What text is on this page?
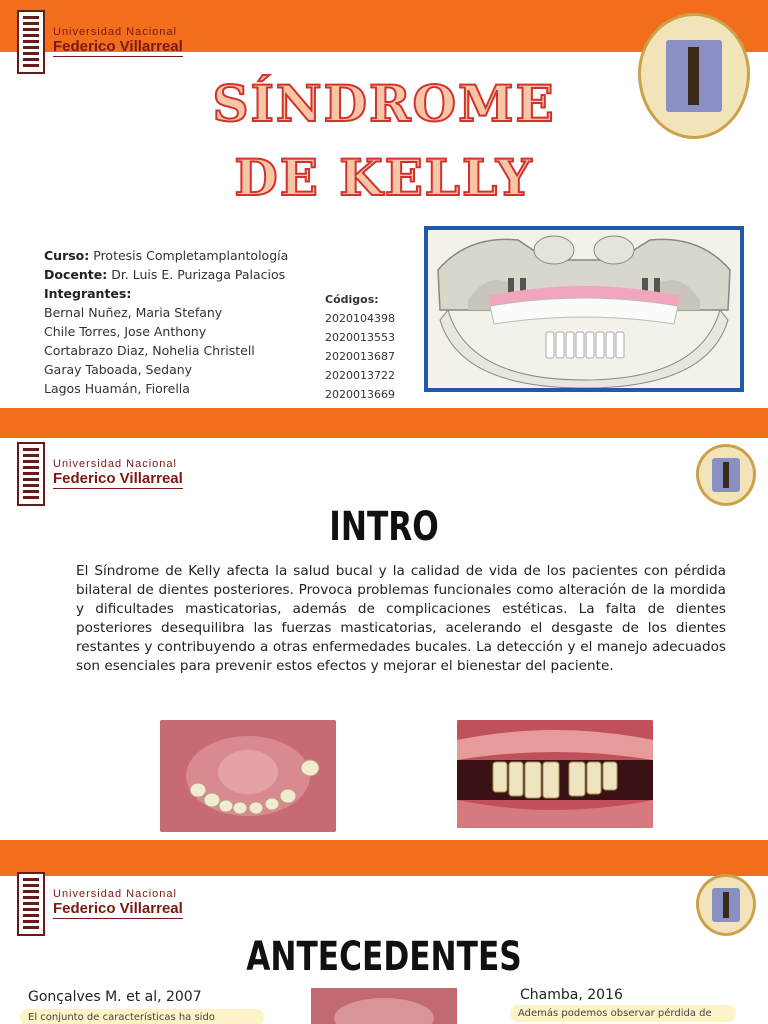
Universidad Nacional
Federico Villarreal
SÍNDROME
DE KELLY
Curso: Protesis Completamplantología
Docente: Dr. Luis E. Purizaga Palacios
Integrantes:
Bernal Nuñez, Maria Stefany
Chile Torres, Jose Anthony
Cortabrazo Diaz, Nohelia Christell
Garay Taboada, Sedany
Lagos Huamán, Fiorella
Códigos:
2020104398
2020013553
2020013687
2020013722
2020013669
Universidad Nacional
Federico Villarreal
INTRO
El Síndrome de Kelly afecta la salud bucal y la calidad de vida de los pacientes con pérdida bilateral de dientes posteriores. Provoca problemas funcionales como alteración de la mordida y dificultades masticatorias, además de complicaciones estéticas. La falta de dientes posteriores desequilibra las fuerzas masticatorias, acelerando el desgaste de los dientes restantes y contribuyendo a otras enfermedades bucales. La detección y el manejo adecuados son esenciales para prevenir estos efectos y mejorar el bienestar del paciente.
Universidad Nacional
Federico Villarreal
ANTECEDENTES
Gonçalves M. et al, 2007
El conjunto de características ha sido
Chamba, 2016
Además podemos observar pérdida de
